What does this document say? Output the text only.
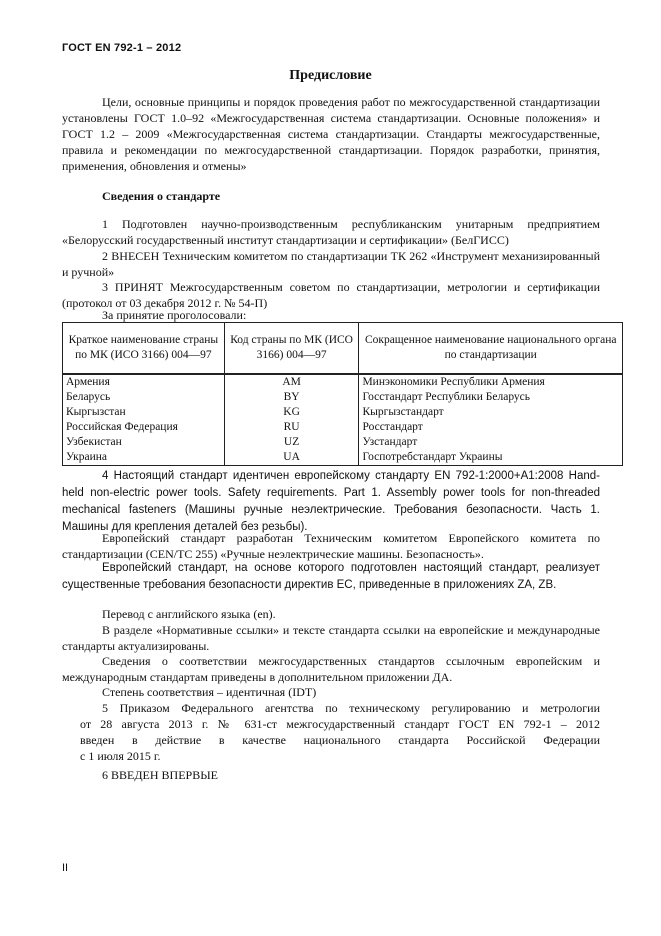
ГОСТ EN 792-1 – 2012
Предисловие

Цели, основные принципы и порядок проведения работ по межгосударственной стандартизации установлены ГОСТ 1.0–92 «Межгосударственная система стандартизации. Основные положения» и ГОСТ 1.2 – 2009 «Межгосударственная система стандартизации. Стандарты межгосударственные, правила и рекомендации по межгосударственной стандартизации. Порядок разработки, принятия, применения, обновления и отмены»

Сведения о стандарте

1 Подготовлен научно-производственным республиканским унитарным предприятием «Белорусский государственный институт стандартизации и сертификации» (БелГИСС)

2 ВНЕСЕН Техническим комитетом по стандартизации ТК 262 «Инструмент механизированный и ручной»

3 ПРИНЯТ Межгосударственным советом по стандартизации, метрологии и сертификации (протокол от 03 декабря 2012 г. № 54-П)

За принятие проголосовали:

Краткое наименование страны по МК (ИСО 3166) 004—97	Код страны по МК (ИСО 3166) 004—97	Сокращенное наименование национального органа по стандартизации
Армения	AM	Минэкономики Республики Армения
Беларусь	BY	Госстандарт Республики Беларусь
Кыргызстан	KG	Кыргызстандарт
Российская Федерация	RU	Росстандарт
Узбекистан	UZ	Узстандарт
Украина	UA	Госпотребстандарт Украины

4 Настоящий стандарт идентичен европейскому стандарту EN 792-1:2000+A1:2008 Hand-held non-electric power tools. Safety requirements. Part 1. Assembly power tools for non-threaded mechanical fasteners (Машины ручные неэлектрические. Требования безопасности. Часть 1. Машины для крепления деталей без резьбы).

Европейский стандарт разработан Техническим комитетом Европейского комитета по стандартизации (CEN/TC 255) «Ручные неэлектрические машины. Безопасность».

Европейский стандарт, на основе которого подготовлен настоящий стандарт, реализует существенные требования безопасности директив ЕС, приведенные в приложениях ZA, ZB.

Перевод с английского языка (en).

В разделе «Нормативные ссылки» и тексте стандарта ссылки на европейские и международные стандарты актуализированы.

Сведения о соответствии межгосударственных стандартов ссылочным европейским и международным стандартам приведены в дополнительном приложении ДА.

Степень соответствия – идентичная (IDT)

5 Приказом Федерального агентства по техническому регулированию и метрологии

от 28 августа 2013 г. № 631-ст межгосударственный стандарт ГОСТ EN 792-1 – 2012

введен в действие в качестве национального стандарта Российской Федерации

с 1 июля 2015 г.

6 ВВЕДЕН ВПЕРВЫЕ

II
